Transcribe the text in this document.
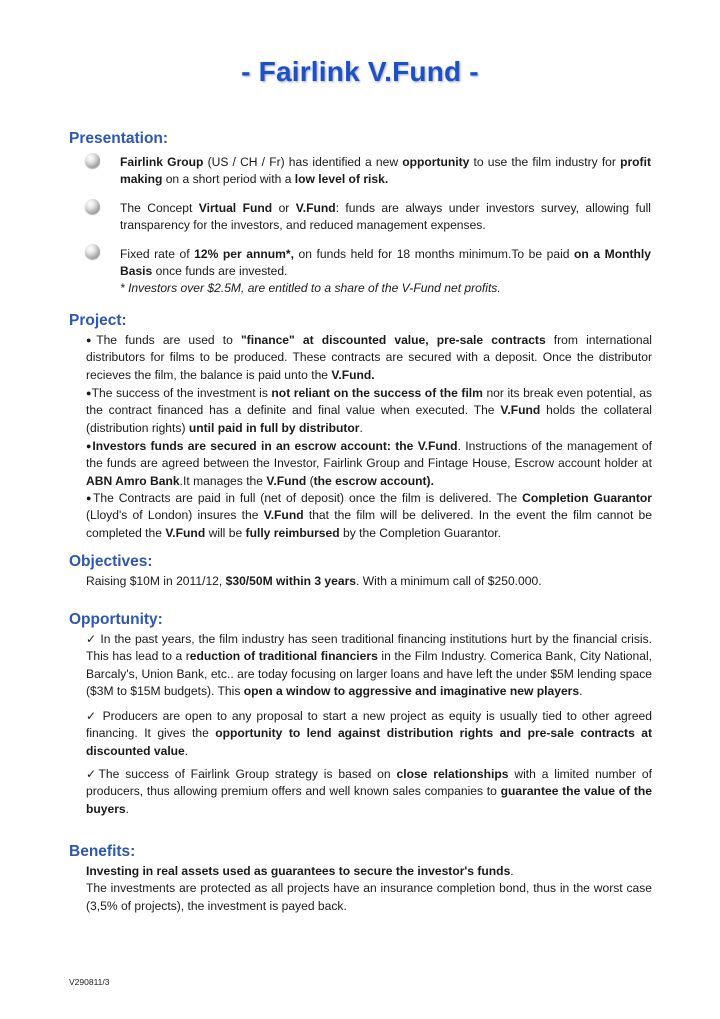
- Fairlink V.Fund -
Presentation:

Fairlink Group (US / CH / Fr) has identified a new opportunity to use the film industry for profit making on a short period with a low level of risk.

The Concept Virtual Fund or V.Fund: funds are always under investors survey, allowing full transparency for the investors, and reduced management expenses.

Fixed rate of 12% per annum*, on funds held for 18 months minimum.To be paid on a Monthly Basis once funds are invested.

* Investors over $2.5M, are entitled to a share of the V-Fund net profits.

Project:

●The funds are used to "finance" at discounted value, pre-sale contracts from international distributors for films to be produced. These contracts are secured with a deposit. Once the distributor recieves the film, the balance is paid unto the V.Fund.

●The success of the investment is not reliant on the success of the film nor its break even potential, as the contract financed has a definite and final value when executed. The V.Fund holds the collateral (distribution rights) until paid in full by distributor.

●Investors funds are secured in an escrow account: the V.Fund. Instructions of the management of the funds are agreed between the Investor, Fairlink Group and Fintage House, Escrow account holder at ABN Amro Bank.It manages the V.Fund (the escrow account).

●The Contracts are paid in full (net of deposit) once the film is delivered. The Completion Guarantor (Lloyd's of London) insures the V.Fund that the film will be delivered. In the event the film cannot be completed the V.Fund will be fully reimbursed by the Completion Guarantor.

Objectives:

Raising $10M in 2011/12, $30/50M within 3 years. With a minimum call of $250.000.

Opportunity:

✓ In the past years, the film industry has seen traditional financing institutions hurt by the financial crisis. This has lead to a reduction of traditional financiers in the Film Industry. Comerica Bank, City National, Barcaly's, Union Bank, etc.. are today focusing on larger loans and have left the under $5M lending space ($3M to $15M budgets). This open a window to aggressive and imaginative new players.

✓ Producers are open to any proposal to start a new project as equity is usually tied to other agreed financing. It gives the opportunity to lend against distribution rights and pre-sale contracts at discounted value.

✓The success of Fairlink Group strategy is based on close relationships with a limited number of producers, thus allowing premium offers and well known sales companies to guarantee the value of the buyers.

Benefits:

Investing in real assets used as guarantees to secure the investor's funds.
The investments are protected as all projects have an insurance completion bond, thus in the worst case (3,5% of projects), the investment is payed back.

V290811/3
